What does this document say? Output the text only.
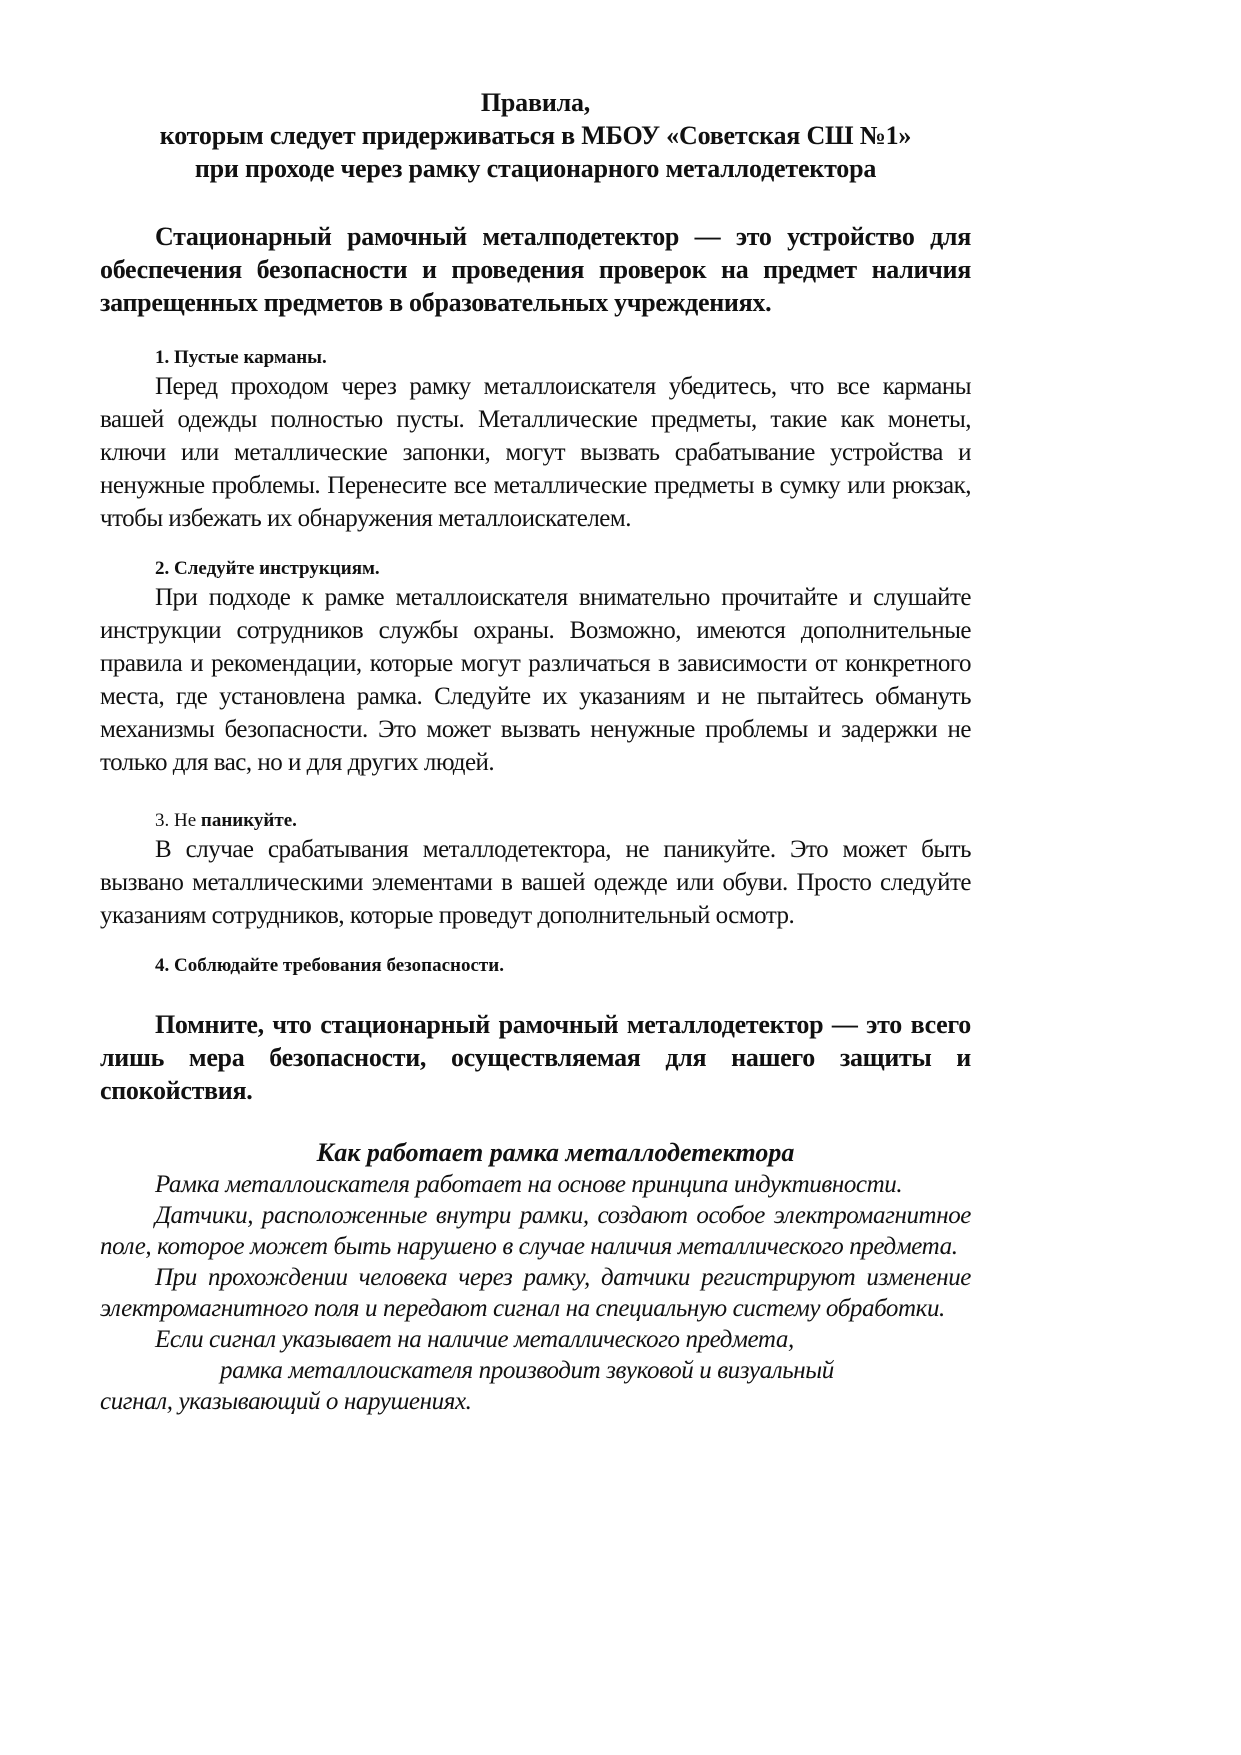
Правила,
которым следует придерживаться в МБОУ «Советская СШ №1»
при проходе через рамку стационарного металлодетектора

Стационарный рамочный металподетектор — это устройство для обеспечения безопасности и проведения проверок на предмет наличия запрещенных предметов в образовательных учреждениях.

1. Пустые карманы.
Перед проходом через рамку металлоискателя убедитесь, что все карманы вашей одежды полностью пусты. Металлические предметы, такие как монеты, ключи или металлические запонки, могут вызвать срабатывание устройства и ненужные проблемы. Перенесите все металлические предметы в сумку или рюкзак, чтобы избежать их обнаружения металлоискателем.
2. Следуйте инструкциям.
При подходе к рамке металлоискателя внимательно прочитайте и слушайте инструкции сотрудников службы охраны. Возможно, имеются дополнительные правила и рекомендации, которые могут различаться в зависимости от конкретного места, где установлена рамка. Следуйте их указаниям и не пытайтесь обмануть механизмы безопасности. Это может вызвать ненужные проблемы и задержки не только для вас, но и для других людей.
3. Не паникуйте.
В случае срабатывания металлодетектора, не паникуйте. Это может быть вызвано металлическими элементами в вашей одежде или обуви. Просто следуйте указаниям сотрудников, которые проведут дополнительный осмотр.
4. Соблюдайте требования безопасности.
Помните, что стационарный рамочный металлодетектор — это всего лишь мера безопасности, осуществляемая для нашего защиты и спокойствия.
Как работает рамка металлодетектора
Рамка металлоискателя работает на основе принципа индуктивности.
Датчики, расположенные внутри рамки, создают особое электромагнитное поле, которое может быть нарушено в случае наличия металлического предмета.
При прохождении человека через рамку, датчики регистрируют изменение электромагнитного поля и передают сигнал на специальную систему обработки.
Если сигнал указывает на наличие металлического предмета,
рамка металлоискателя производит звуковой и визуальный
сигнал, указывающий о нарушениях.
